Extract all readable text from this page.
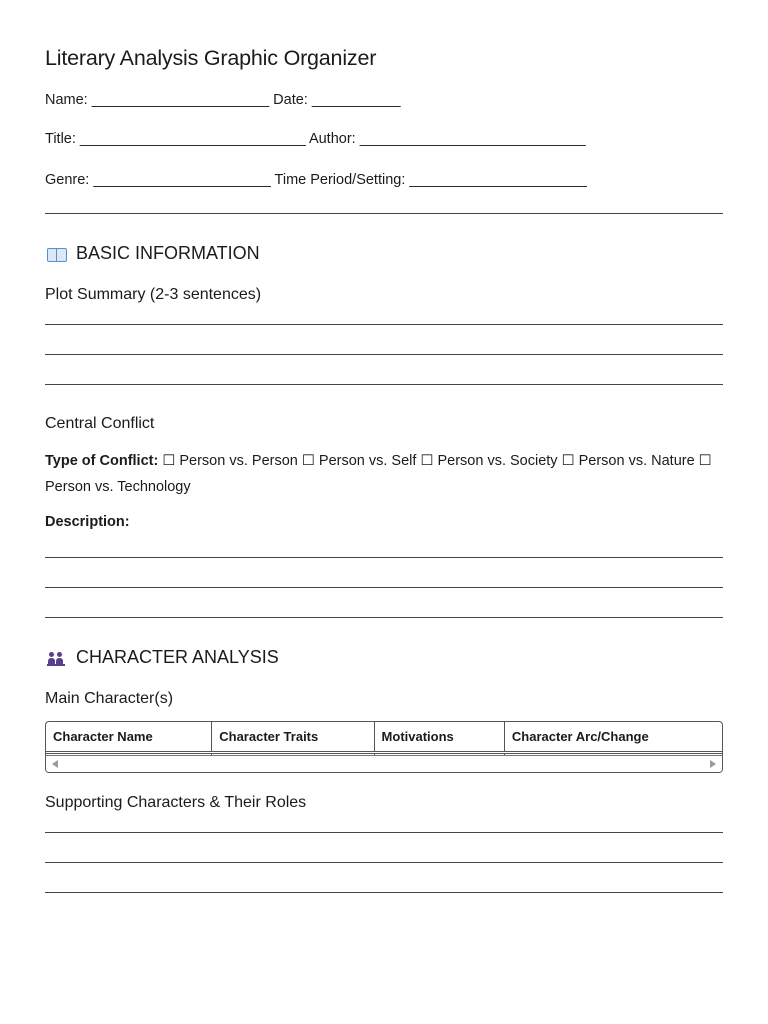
Literary Analysis Graphic Organizer

Name: ______________________ Date: ___________

Title: ____________________________ Author: ____________________________

Genre: ______________________ Time Period/Setting: ______________________

BASIC INFORMATION
Plot Summary (2-3 sentences)
Central Conflict

Type of Conflict: ☐ Person vs. Person ☐ Person vs. Self ☐ Person vs. Society ☐ Person vs. Nature ☐ Person vs. Technology

Description:

CHARACTER ANALYSIS
Main Character(s)
Character Name	Character Traits	Motivations	Character Arc/Change

Supporting Characters & Their Roles
